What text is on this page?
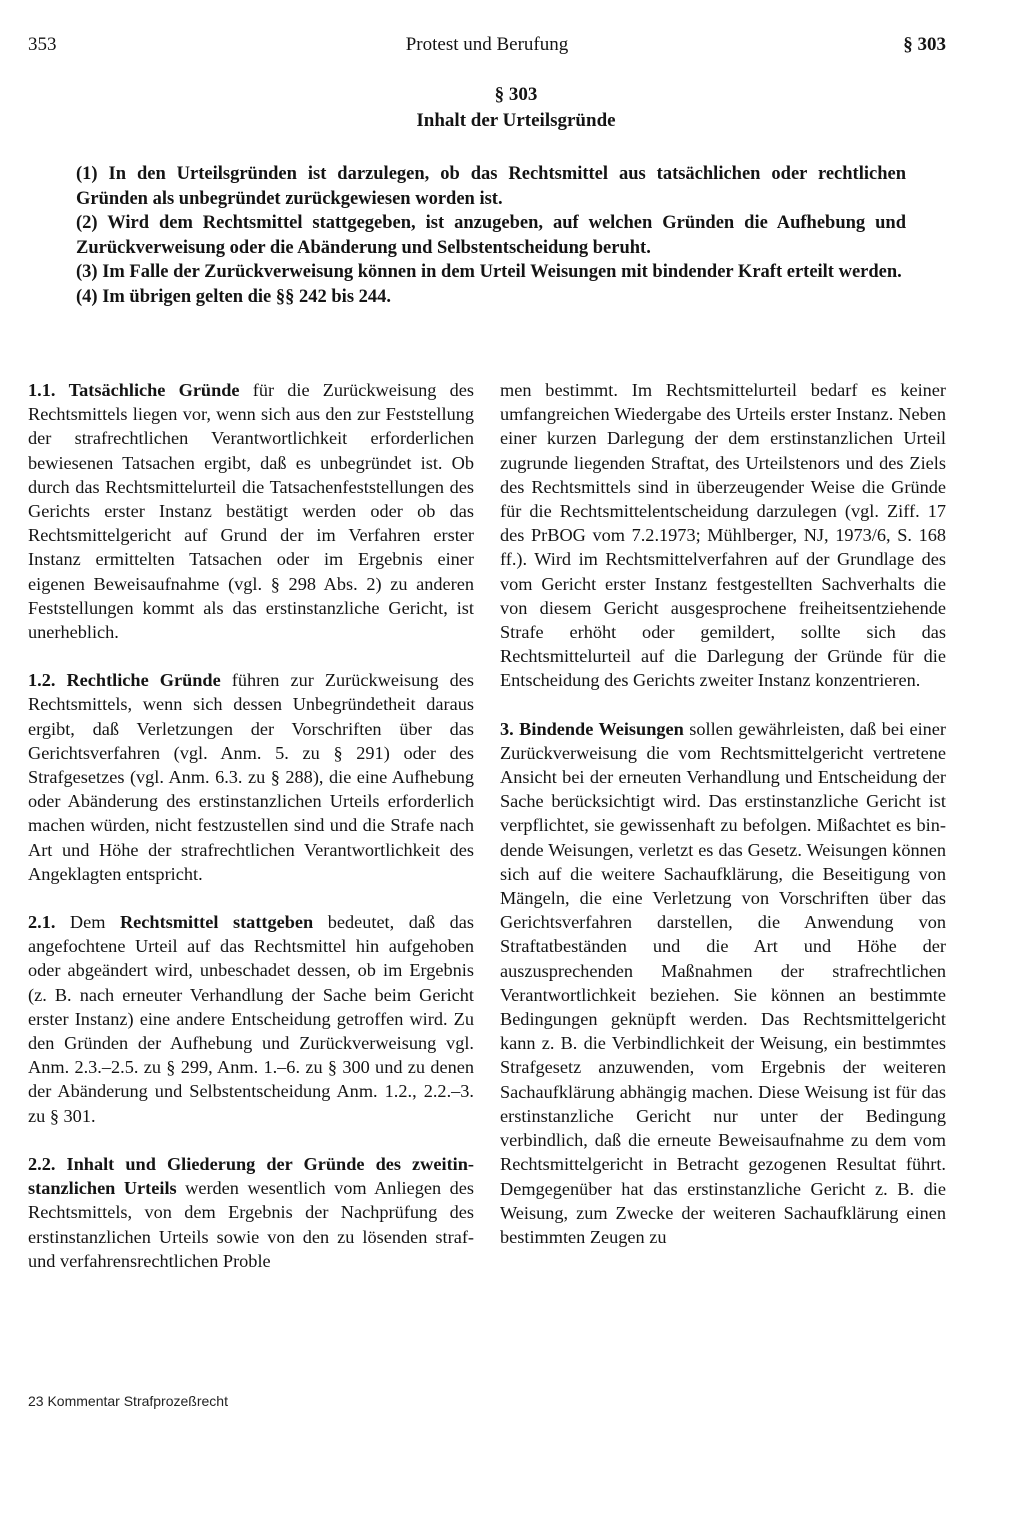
353	Protest und Berufung	§ 303
§ 303
Inhalt der Urteilsgründe

(1) In den Urteilsgründen ist darzulegen, ob das Rechtsmittel aus tatsächlichen oder rechtlichen Gründen als unbegründet zurückgewiesen worden ist.

(2) Wird dem Rechtsmittel stattgegeben, ist anzugeben, auf welchen Gründen die Aufhebung und Zurückverweisung oder die Abänderung und Selbstentscheidung beruht.

(3) Im Falle der Zurückverweisung können in dem Urteil Weisungen mit bindender Kraft erteilt werden.

(4) Im übrigen gelten die §§ 242 bis 244.

1.1. Tatsächliche Gründe für die Zurückweisung des Rechtsmittels liegen vor, wenn sich aus den zur Feststellung der strafrechtlichen Verantwortlichkeit erforderlichen bewiesenen Tatsachen ergibt, daß es unbegründet ist. Ob durch das Rechtsmittelurteil die Tatsachenfeststellungen des Gerichts erster Instanz bestätigt werden oder ob das Rechtsmittelgericht auf Grund der im Verfahren erster Instanz ermittelten Tatsachen oder im Ergebnis einer eigenen Beweisaufnahme (vgl. § 298 Abs. 2) zu anderen Feststellungen kommt als das erstinstanzliche Gericht, ist unerheblich.

1.2. Rechtliche Gründe führen zur Zurückweisung des Rechtsmittels, wenn sich dessen Unbegründetheit daraus ergibt, daß Verletzungen der Vorschriften über das Gerichtsverfahren (vgl. Anm. 5. zu § 291) oder des Strafgesetzes (vgl. Anm. 6.3. zu § 288), die eine Aufhebung oder Abänderung des erstinstanzlichen Urteils erforderlich machen würden, nicht festzustellen sind und die Strafe nach Art und Höhe der strafrechtlichen Verantwortlichkeit des Angeklagten entspricht.

2.1. Dem Rechtsmittel stattgeben bedeutet, daß das angefochtene Urteil auf das Rechtsmittel hin aufgehoben oder abgeändert wird, unbeschadet dessen, ob im Ergebnis (z. B. nach erneuter Verhandlung der Sache beim Gericht erster Instanz) eine andere Entscheidung getroffen wird. Zu den Gründen der Aufhebung und Zurückverweisung vgl. Anm. 2.3.–2.5. zu § 299, Anm. 1.–6. zu § 300 und zu denen der Abänderung und Selbstentscheidung Anm. 1.2., 2.2.–3. zu § 301.

2.2. Inhalt und Gliederung der Gründe des zweitinstanzlichen Urteils werden wesentlich vom Anliegen des Rechtsmittels, von dem Ergebnis der Nachprüfung des erstinstanzlichen Urteils sowie von den zu lösenden straf- und verfahrensrechtlichen Proble

men bestimmt. Im Rechtsmittelurteil bedarf es keiner umfangreichen Wiedergabe des Urteils erster Instanz. Neben einer kurzen Darlegung der dem erstinstanzlichen Urteil zugrunde liegenden Straftat, des Urteilstenors und des Ziels des Rechtsmittels sind in überzeugender Weise die Gründe für die Rechtsmittelentscheidung darzulegen (vgl. Ziff. 17 des PrBOG vom 7.2.1973; Mühlberger, NJ, 1973/6, S. 168 ff.). Wird im Rechtsmittelverfahren auf der Grundlage des vom Gericht erster Instanz festgestellten Sachverhalts die von diesem Gericht ausgesprochene freiheitsentziehende Strafe erhöht oder gemildert, sollte sich das Rechtsmittelurteil auf die Darlegung der Gründe für die Entscheidung des Gerichts zweiter Instanz konzentrieren.

3. Bindende Weisungen sollen gewährleisten, daß bei einer Zurückverweisung die vom Rechtsmittelgericht vertretene Ansicht bei der erneuten Verhandlung und Entscheidung der Sache berücksichtigt wird. Das erstinstanzliche Gericht ist verpflichtet, sie gewissenhaft zu befolgen. Mißachtet es bindende Weisungen, verletzt es das Gesetz. Weisungen können sich auf die weitere Sachaufklärung, die Beseitigung von Mängeln, die eine Verletzung von Vorschriften über das Gerichtsverfahren darstellen, die Anwendung von Straftatbeständen und die Art und Höhe der auszusprechenden Maßnahmen der strafrechtlichen Verantwortlichkeit beziehen. Sie können an bestimmte Bedingungen geknüpft werden. Das Rechtsmittelgericht kann z. B. die Verbindlichkeit der Weisung, ein bestimmtes Strafgesetz anzuwenden, vom Ergebnis der weiteren Sachaufklärung abhängig machen. Diese Weisung ist für das erstinstanzliche Gericht nur unter der Bedingung verbindlich, daß die erneute Beweisaufnahme zu dem vom Rechtsmittelgericht in Betracht gezogenen Resultat führt. Demgegenüber hat das erstinstanzliche Gericht z. B. die Weisung, zum Zwecke der weiteren Sachaufklärung einen bestimmten Zeugen zu

23 Kommentar Strafprozeßrecht
